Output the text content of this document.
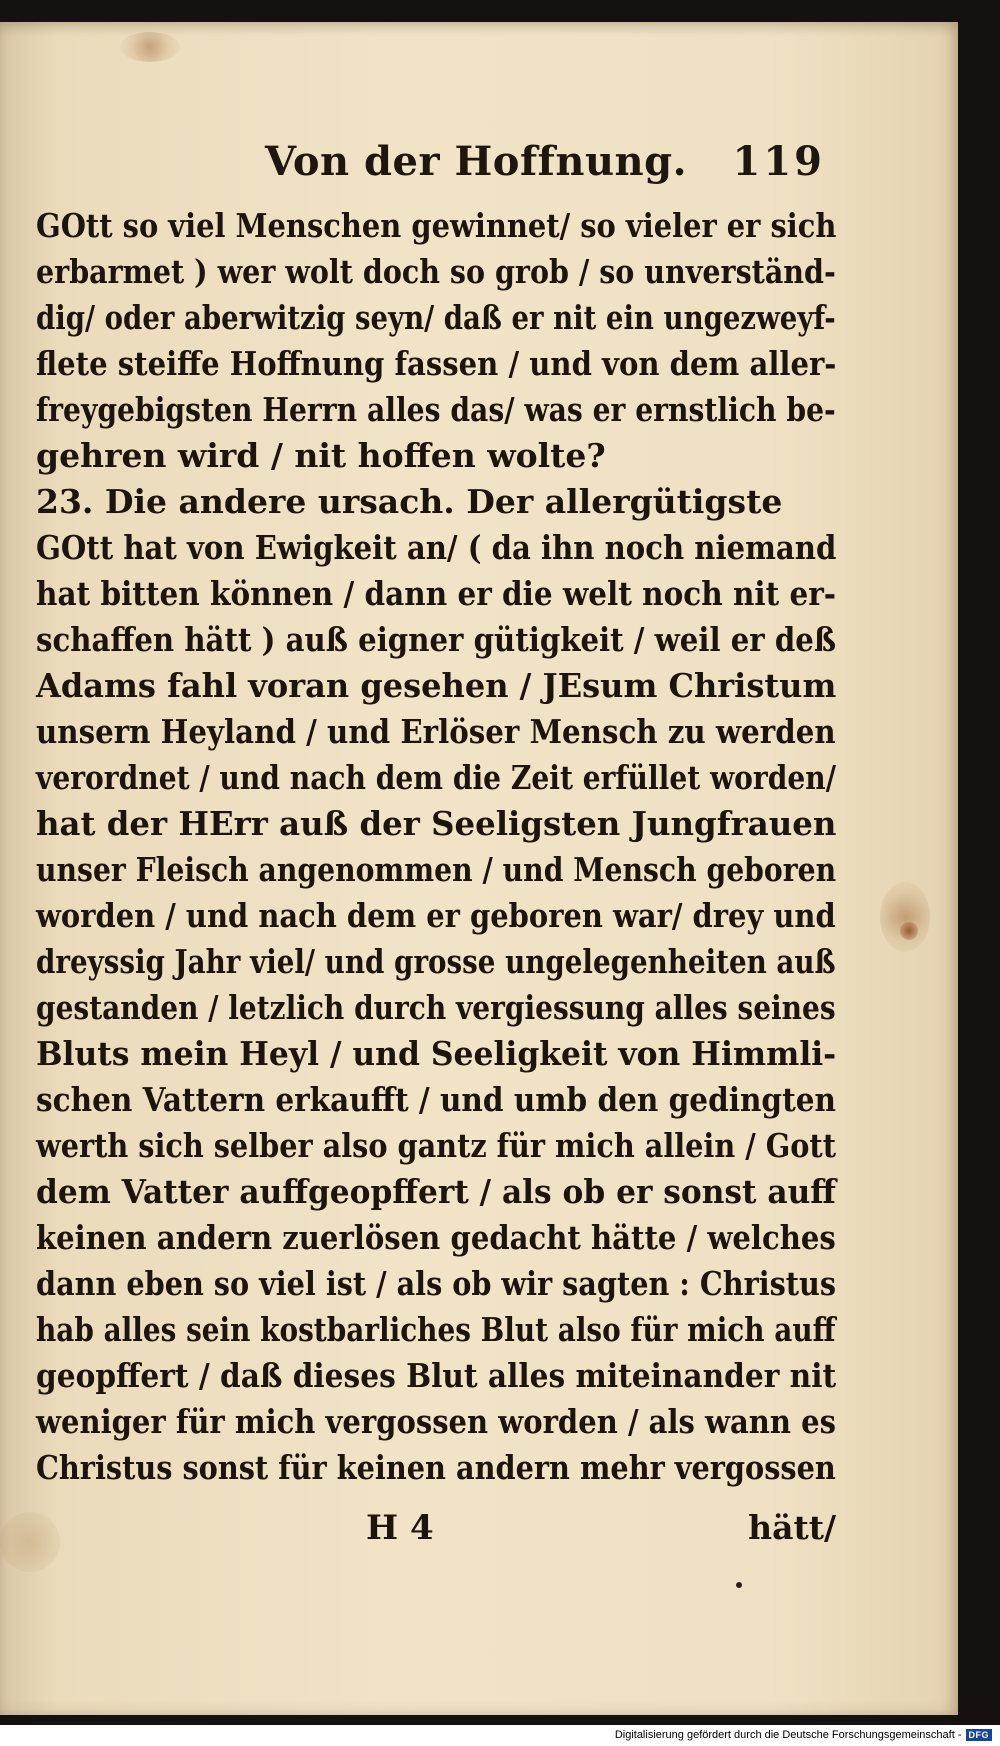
Von der Hoffnung. 119
GOtt so viel Menschen gewinnet/ so vieler er sich
erbarmet ) wer wolt doch so grob / so unverständ-
dig/ oder aberwitzig seyn/ daß er nit ein ungezweyf-
flete steiffe Hoffnung fassen / und von dem aller-
freygebigsten Herrn alles das/ was er ernstlich be-
gehren wird / nit hoffen wolte?
23. Die andere ursach. Der allergütigste
GOtt hat von Ewigkeit an/ ( da ihn noch niemand
hat bitten können / dann er die welt noch nit er-
schaffen hätt ) auß eigner gütigkeit / weil er deß
Adams fahl voran gesehen / JEsum Christum
unsern Heyland / und Erlöser Mensch zu werden
verordnet / und nach dem die Zeit erfüllet worden/
hat der HErr auß der Seeligsten Jungfrauen
unser Fleisch angenommen / und Mensch geboren
worden / und nach dem er geboren war/ drey und
dreyssig Jahr viel/ und grosse ungelegenheiten auß
gestanden / letzlich durch vergiessung alles seines
Bluts mein Heyl / und Seeligkeit von Himmli-
schen Vattern erkaufft / und umb den gedingten
werth sich selber also gantz für mich allein / Gott
dem Vatter auffgeopffert / als ob er sonst auff
keinen andern zuerlösen gedacht hätte / welches
dann eben so viel ist / als ob wir sagten : Christus
hab alles sein kostbarliches Blut also für mich auff
geopffert / daß dieses Blut alles miteinander nit
weniger für mich vergossen worden / als wann es
Christus sonst für keinen andern mehr vergossen
H 4	hätt/
Digitalisierung gefördert durch die Deutsche Forschungsgemeinschaft - DFG
